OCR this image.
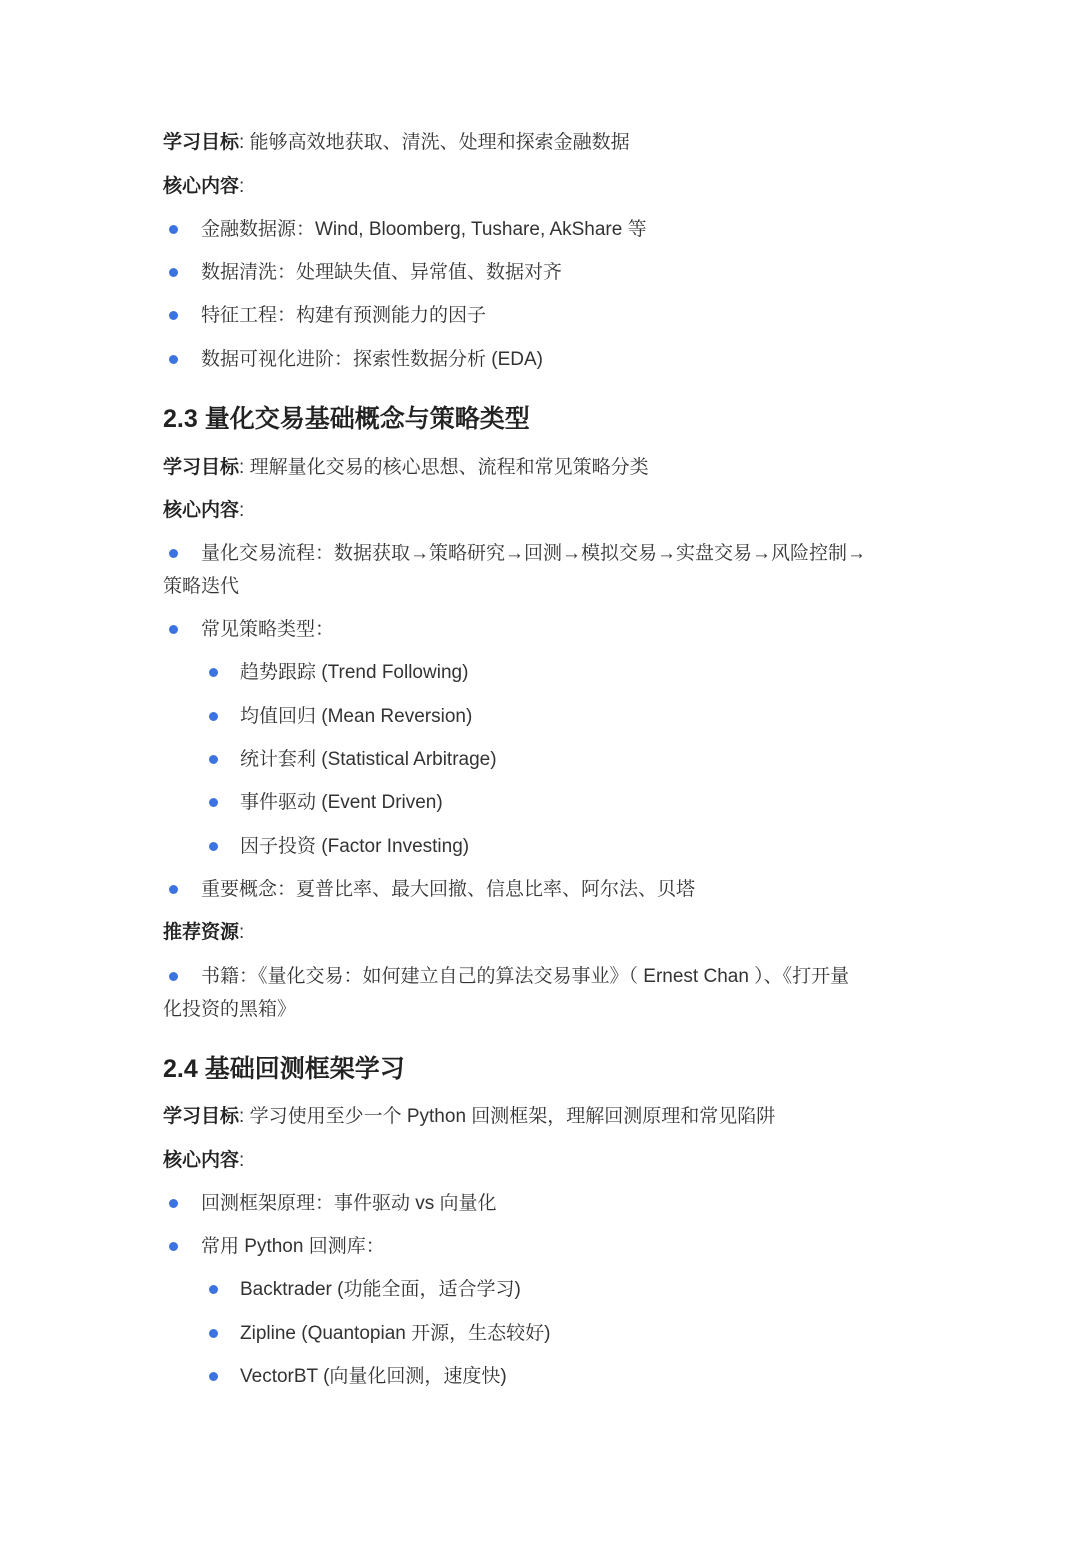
学习目标: 能够高效地获取、清洗、处理和探索金融数据
核心内容:
金融数据源：Wind, Bloomberg, Tushare, AkShare 等
数据清洗：处理缺失值、异常值、数据对齐
特征工程：构建有预测能力的因子
数据可视化进阶：探索性数据分析 (EDA)
2.3 量化交易基础概念与策略类型
学习目标: 理解量化交易的核心思想、流程和常见策略分类
核心内容:
量化交易流程：数据获取→策略研究→回测→模拟交易→实盘交易→风险控制→
策略迭代
常见策略类型：
趋势跟踪 (Trend Following)
均值回归 (Mean Reversion)
统计套利 (Statistical Arbitrage)
事件驱动 (Event Driven)
因子投资 (Factor Investing)
重要概念：夏普比率、最大回撤、信息比率、阿尔法、贝塔
推荐资源:
书籍：《量化交易：如何建立自己的算法交易事业》（ Ernest Chan ）、《打开量
化投资的黑箱》
2.4 基础回测框架学习
学习目标: 学习使用至少一个 Python 回测框架，理解回测原理和常见陷阱
核心内容:
回测框架原理：事件驱动 vs 向量化
常用 Python 回测库：
Backtrader (功能全面，适合学习)
Zipline (Quantopian 开源，生态较好)
VectorBT (向量化回测，速度快)
